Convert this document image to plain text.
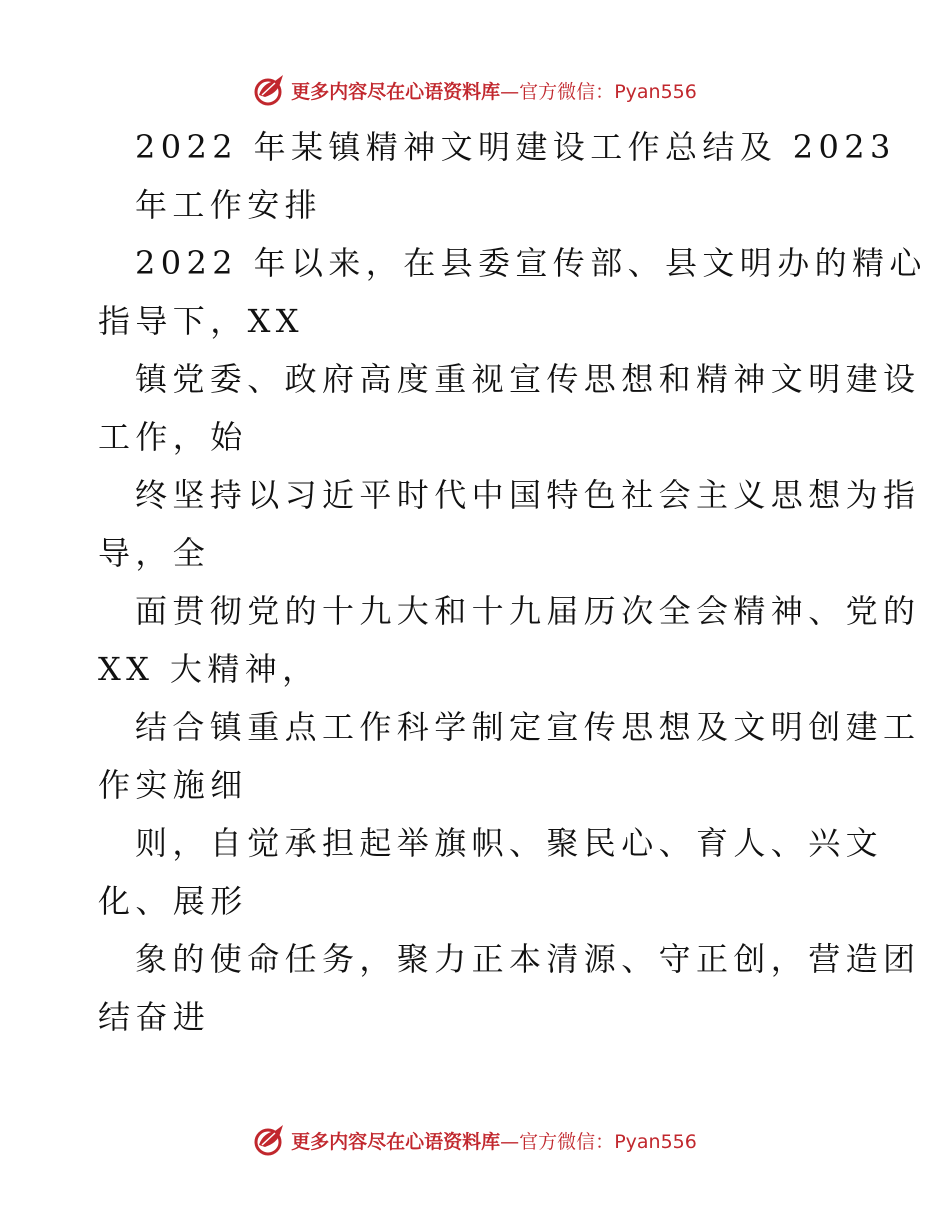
更多内容尽在心语资料库—官方微信：Pyan556
2022 年某镇精神文明建设工作总结及 2023
年工作安排
2022 年以来，在县委宣传部、县文明办的精心
指导下，XX
镇党委、政府高度重视宣传思想和精神文明建设
工作，始
终坚持以习近平时代中国特色社会主义思想为指
导，全
面贯彻党的十九大和十九届历次全会精神、党的
XX 大精神，
结合镇重点工作科学制定宣传思想及文明创建工
作实施细
则，自觉承担起举旗帜、聚民心、育人、兴文
化、展形
象的使命任务，聚力正本清源、守正创，营造团
结奋进
更多内容尽在心语资料库—官方微信：Pyan556
